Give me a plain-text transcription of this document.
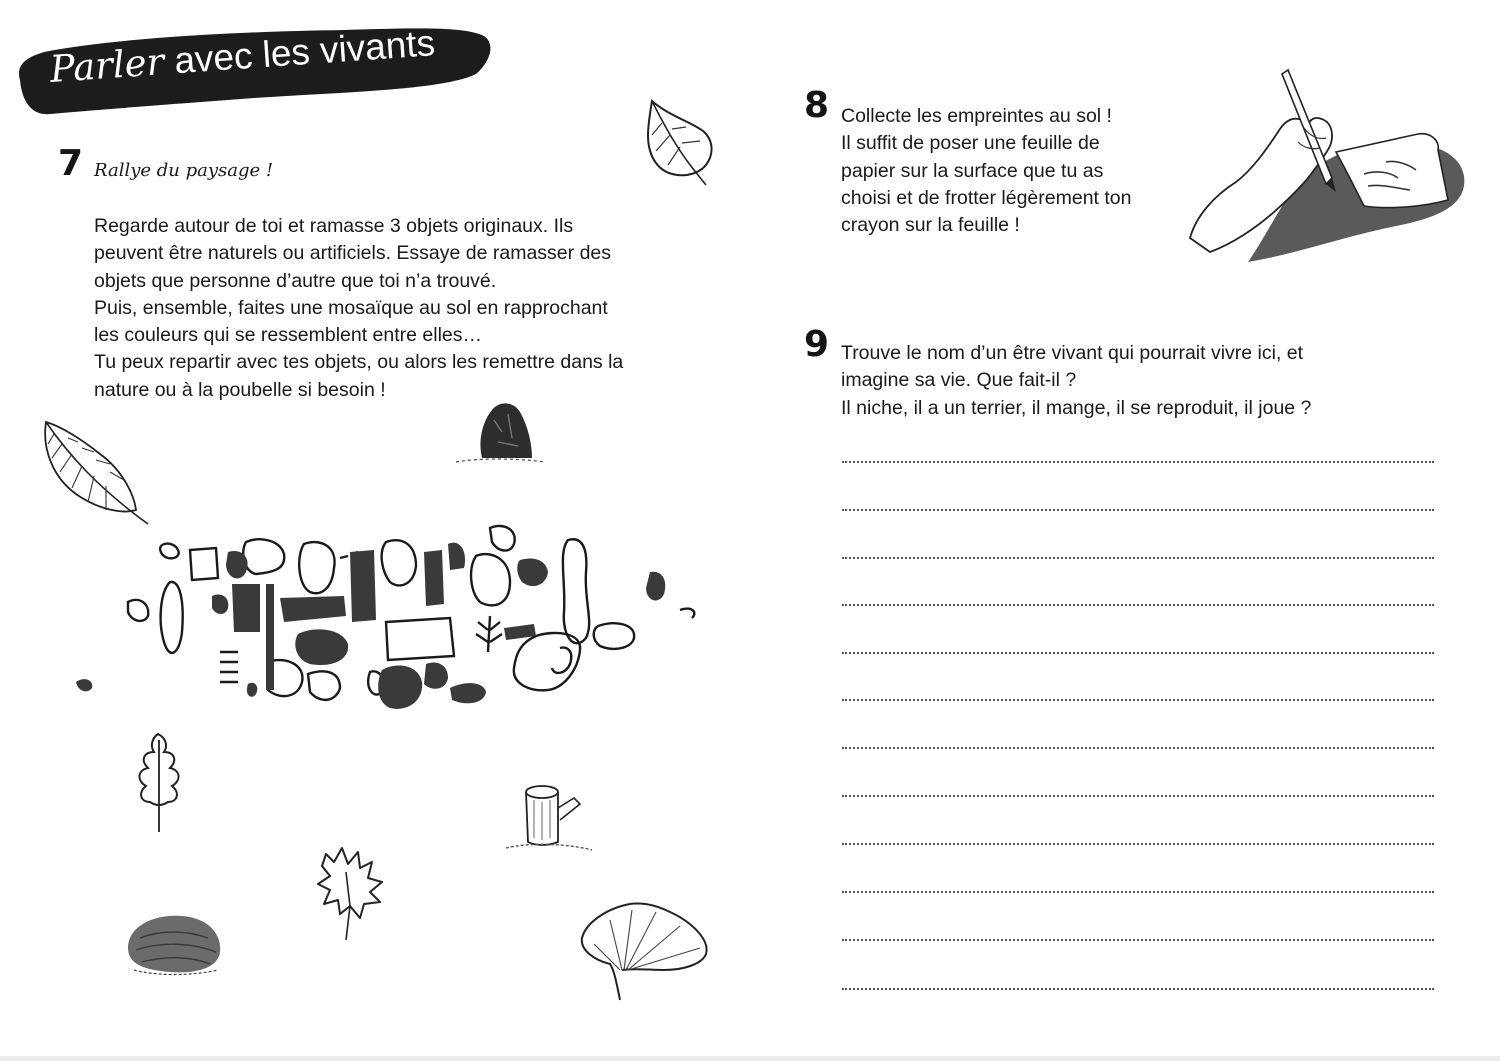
Parler avec les vivants
7 Rallye du paysage !
Regarde autour de toi et ramasse 3 objets originaux. Ils
peuvent être naturels ou artificiels. Essaye de ramasser des
objets que personne d’autre que toi n’a trouvé.
Puis, ensemble, faites une mosaïque au sol en rapprochant
les couleurs qui se ressemblent entre elles…
Tu peux repartir avec tes objets, ou alors les remettre dans la
nature ou à la poubelle si besoin !
8 Collecte les empreintes au sol !
Il suffit de poser une feuille de
papier sur la surface que tu as
choisi et de frotter légèrement ton
crayon sur la feuille !
9 Trouve le nom d’un être vivant qui pourrait vivre ici, et
imagine sa vie. Que fait-il ?
Il niche, il a un terrier, il mange, il se reproduit, il joue ?
